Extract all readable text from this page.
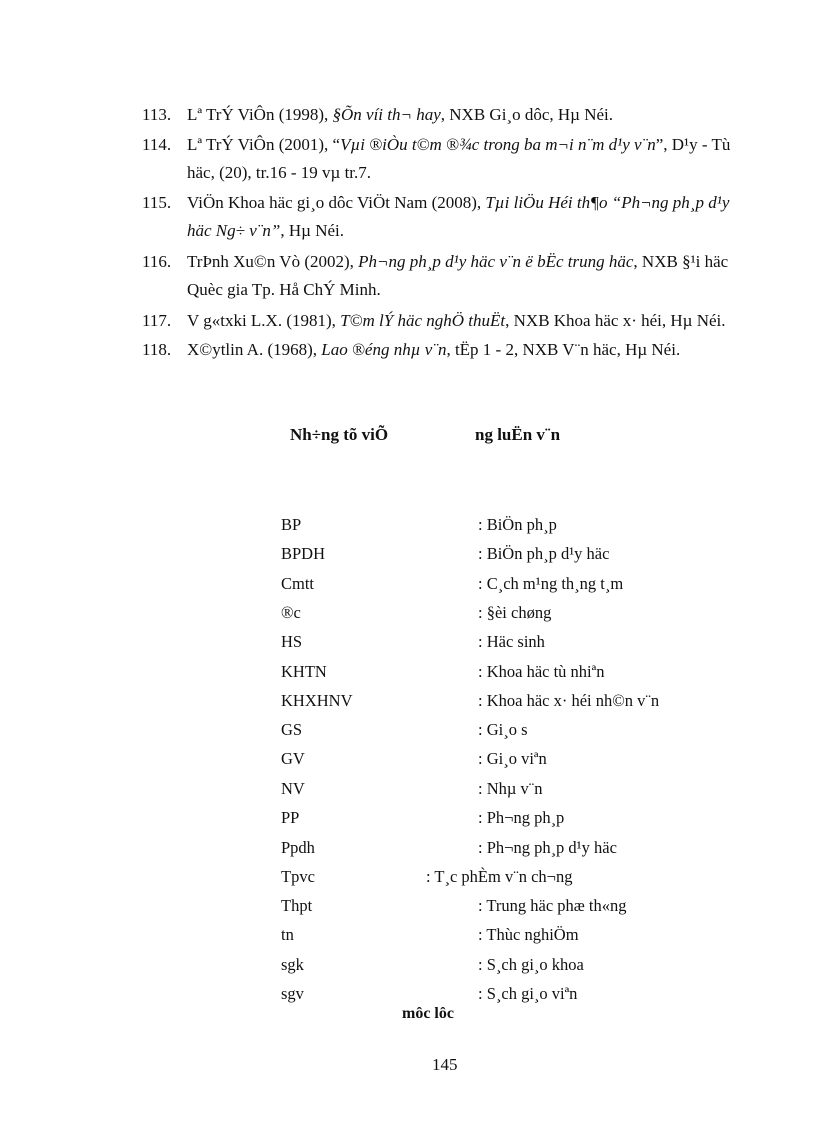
113. Lª TrÝ ViÔn (1998), §Õn víi th¬ hay, NXB Gi¸o dôc, Hµ Néi.
114. Lª TrÝ ViÔn (2001), “Vµi ®iÒu t©m ®¾c trong ba m¬i n¨m d¹y v¨n”, D¹y - Tù häc, (20), tr.16 - 19 vµ tr.7.
115. ViÖn Khoa häc gi¸o dôc ViÖt Nam (2008), Tµi liÖu Héi th¶o “Ph¬ng ph¸p d¹y häc Ng÷ v¨n”, Hµ Néi.
116. TrÞnh Xu©n Vò (2002), Ph¬ng ph¸p d¹y häc v¨n ë bËc trung häc, NXB §¹i häc Quèc gia Tp. Hå ChÝ Minh.
117. V g«txki L.X. (1981), T©m lÝ häc nghÖ thuËt, NXB Khoa häc x· héi, Hµ Néi.
118. X©ytlin A. (1968), Lao ®éng nhµ v¨n, tËp 1 - 2, NXB V¨n häc, Hµ Néi.
Nh÷ng tõ viÕ	ng luËn v¨n
BP	: BiÖn ph¸p
BPDH	: BiÖn ph¸p d¹y häc
Cmtt	: C¸ch m¹ng th¸ng t¸m
®c	: §èi chøng
HS	: Häc sinh
KHTN	: Khoa häc tù nhiªn
KHXHNV	: Khoa häc x· héi nh©n v¨n
GS	: Gi¸o s
GV	: Gi¸o viªn
NV	: Nhµ v¨n
PP	: Ph¬ng ph¸p
Ppdh	: Ph¬ng ph¸p d¹y häc
Tpvc	: T¸c phÈm v¨n ch¬ng
Thpt	: Trung häc phæ th«ng
tn	: Thùc nghiÖm
sgk	: S¸ch gi¸o khoa
sgv	: S¸ch gi¸o viªn
môc lôc
145
